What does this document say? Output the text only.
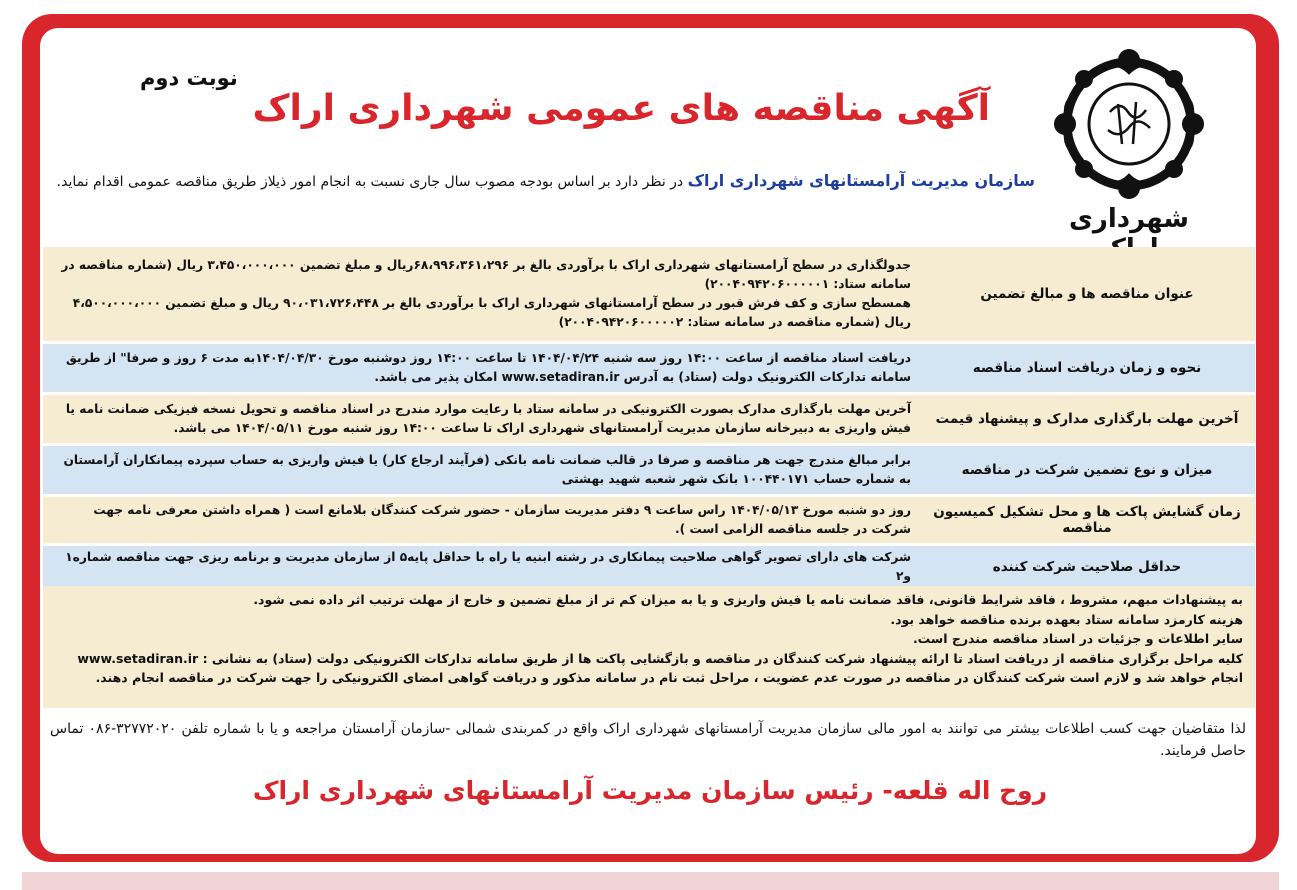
شهرداری
نوبت دوم
آگهی مناقصه های عمومی شهرداری اراک
سازمان مدیریت آرامستانهای شهرداری اراک در نظر دارد بر اساس بودجه مصوب سال جاری نسبت به انجام امور ذیلاز طریق مناقصه عمومی اقدام نماید.
عنوان مناقصه ها و مبالغ تضمین	جدولگذاری در سطح آرامستانهای شهرداری اراک با برآوردی بالغ بر ۶۸،۹۹۶،۳۶۱،۲۹۶ریال و مبلغ تضمین ۳،۴۵۰،۰۰۰،۰۰۰ ریال (شماره مناقصه در سامانه ستاد: ۲۰۰۴۰۹۴۲۰۶۰۰۰۰۰۱)
همسطح سازی و کف فرش قبور در سطح آرامستانهای شهرداری اراک با برآوردی بالغ بر ۹۰،۰۳۱،۷۲۶،۴۴۸ ریال و مبلغ تضمین ۴،۵۰۰،۰۰۰،۰۰۰ ریال (شماره مناقصه در سامانه ستاد: ۲۰۰۴۰۹۴۲۰۶۰۰۰۰۰۲)

نحوه و زمان دریافت اسناد مناقصه	دریافت اسناد مناقصه از ساعت ۱۴:۰۰ روز سه شنبه ۱۴۰۴/۰۴/۲۴ تا ساعت ۱۴:۰۰ روز دوشنبه مورخ ۱۴۰۴/۰۴/۳۰به مدت ۶ روز و صرفا" از طریق سامانه تدارکات الکترونیک دولت (ستاد) به آدرس www.setadiran.ir امکان پذیر می باشد.
آخرین مهلت بارگذاری مدارک و پیشنهاد قیمت	آخرین مهلت بارگذاری مدارک بصورت الکترونیکی در سامانه ستاد با رعایت موارد مندرج در اسناد مناقصه و تحویل نسخه فیزیکی ضمانت نامه یا فیش واریزی به دبیرخانه سازمان مدیریت آرامستانهای شهرداری اراک تا ساعت ۱۴:۰۰ روز شنبه مورخ ۱۴۰۴/۰۵/۱۱ می باشد.
میزان و نوع تضمین شرکت در مناقصه	برابر مبالغ مندرج جهت هر مناقصه و صرفا در قالب ضمانت نامه بانکی (فرآیند ارجاع کار) یا فیش واریزی به حساب سپرده پیمانکاران آرامستان به شماره حساب ۱۰۰۴۴۰۱۷۱ بانک شهر شعبه شهید بهشتی
زمان گشایش پاکت ها و محل تشکیل کمیسیون مناقصه	روز دو شنبه مورخ ۱۴۰۴/۰۵/۱۳ راس ساعت ۹ دفتر مدیریت سازمان - حضور شرکت کنندگان بلامانع است ( همراه داشتن معرفی نامه جهت شرکت در جلسه مناقصه الزامی است ).
حداقل صلاحیت شرکت کننده	شرکت های دارای تصویر گواهی صلاحیت پیمانکاری در رشته ابنیه یا راه با حداقل پایه۵ از سازمان مدیریت و برنامه ریزی جهت مناقصه شماره۱ و۲
به پیشنهادات مبهم، مشروط ، فاقد شرایط قانونی، فاقد ضمانت نامه یا فیش واریزی و یا به میزان کم تر از مبلغ تضمین و خارج از مهلت ترتیب اثر داده نمی شود.
هزینه کارمزد سامانه ستاد بعهده برنده مناقصه خواهد بود.
سایر اطلاعات و جزئیات در اسناد مناقصه مندرج است.
کلیه مراحل برگزاری مناقصه از دریافت اسناد تا ارائه پیشنهاد شرکت کنندگان در مناقصه و بازگشایی پاکت ها از طریق سامانه تدارکات الکترونیکی دولت (ستاد) به نشانی : www.setadiran.ir انجام خواهد شد و لازم است شرکت کنندگان در مناقصه در صورت عدم عضویت ، مراحل ثبت نام در سامانه مذکور و دریافت گواهی امضای الکترونیکی را جهت شرکت در مناقصه انجام دهند.
لذا متقاضیان جهت کسب اطلاعات بیشتر می توانند به امور مالی سازمان مدیریت آرامستانهای شهرداری اراک واقع در کمربندی شمالی -سازمان آرامستان مراجعه و یا با شماره تلفن ۳۲۷۷۲۰۲۰-۰۸۶ تماس حاصل فرمایند.
روح اله قلعه- رئیس سازمان مدیریت آرامستانهای شهرداری اراک
